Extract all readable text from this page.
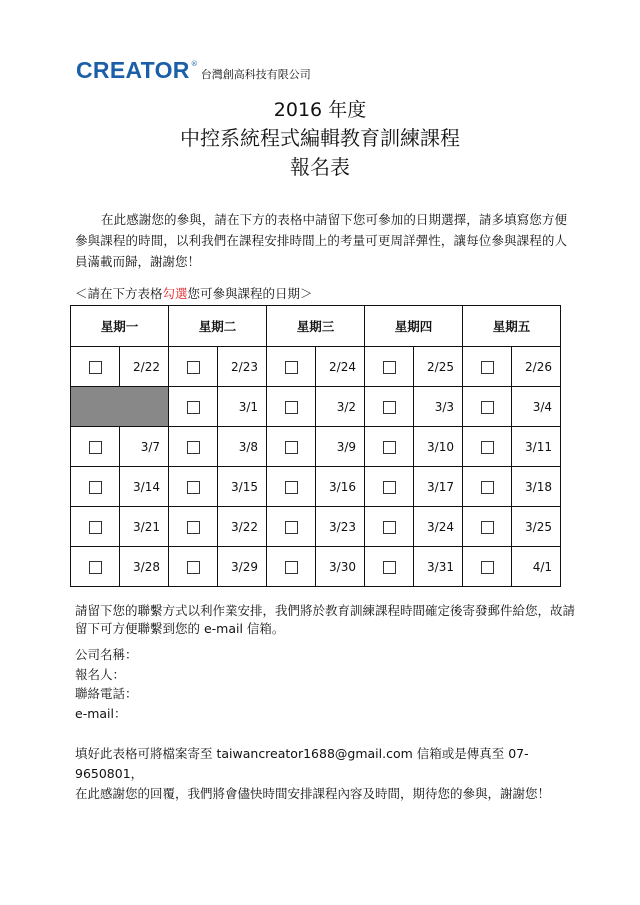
CREATOR ®
台灣創高科技有限公司
2016 年度
中控系統程式編輯教育訓練課程
報名表
在此感謝您的參與，請在下方的表格中請留下您可參加的日期選擇，請多填寫您方便參與課程的時間，以利我們在課程安排時間上的考量可更周詳彈性，讓每位參與課程的人員滿載而歸，謝謝您！
＜請在下方表格勾選您可參與課程的日期＞
星期一		星期二		星期三		星期四		星期五	
	2/22		2/23		2/24		2/25		2/26
			3/1		3/2		3/3		3/4
	3/7		3/8		3/9		3/10		3/11
	3/14		3/15		3/16		3/17		3/18
	3/21		3/22		3/23		3/24		3/25
	3/28		3/29		3/30		3/31		4/1
請留下您的聯繫方式以利作業安排，我們將於教育訓練課程時間確定後寄發郵件給您，故請留下可方便聯繫到您的 e-mail 信箱。
公司名稱：
報名人：
聯絡電話：
e-mail：
填好此表格可將檔案寄至 taiwancreator1688@gmail.com 信箱或是傳真至 07-9650801，
在此感謝您的回覆，我們將會儘快時間安排課程內容及時間，期待您的參與，謝謝您！
